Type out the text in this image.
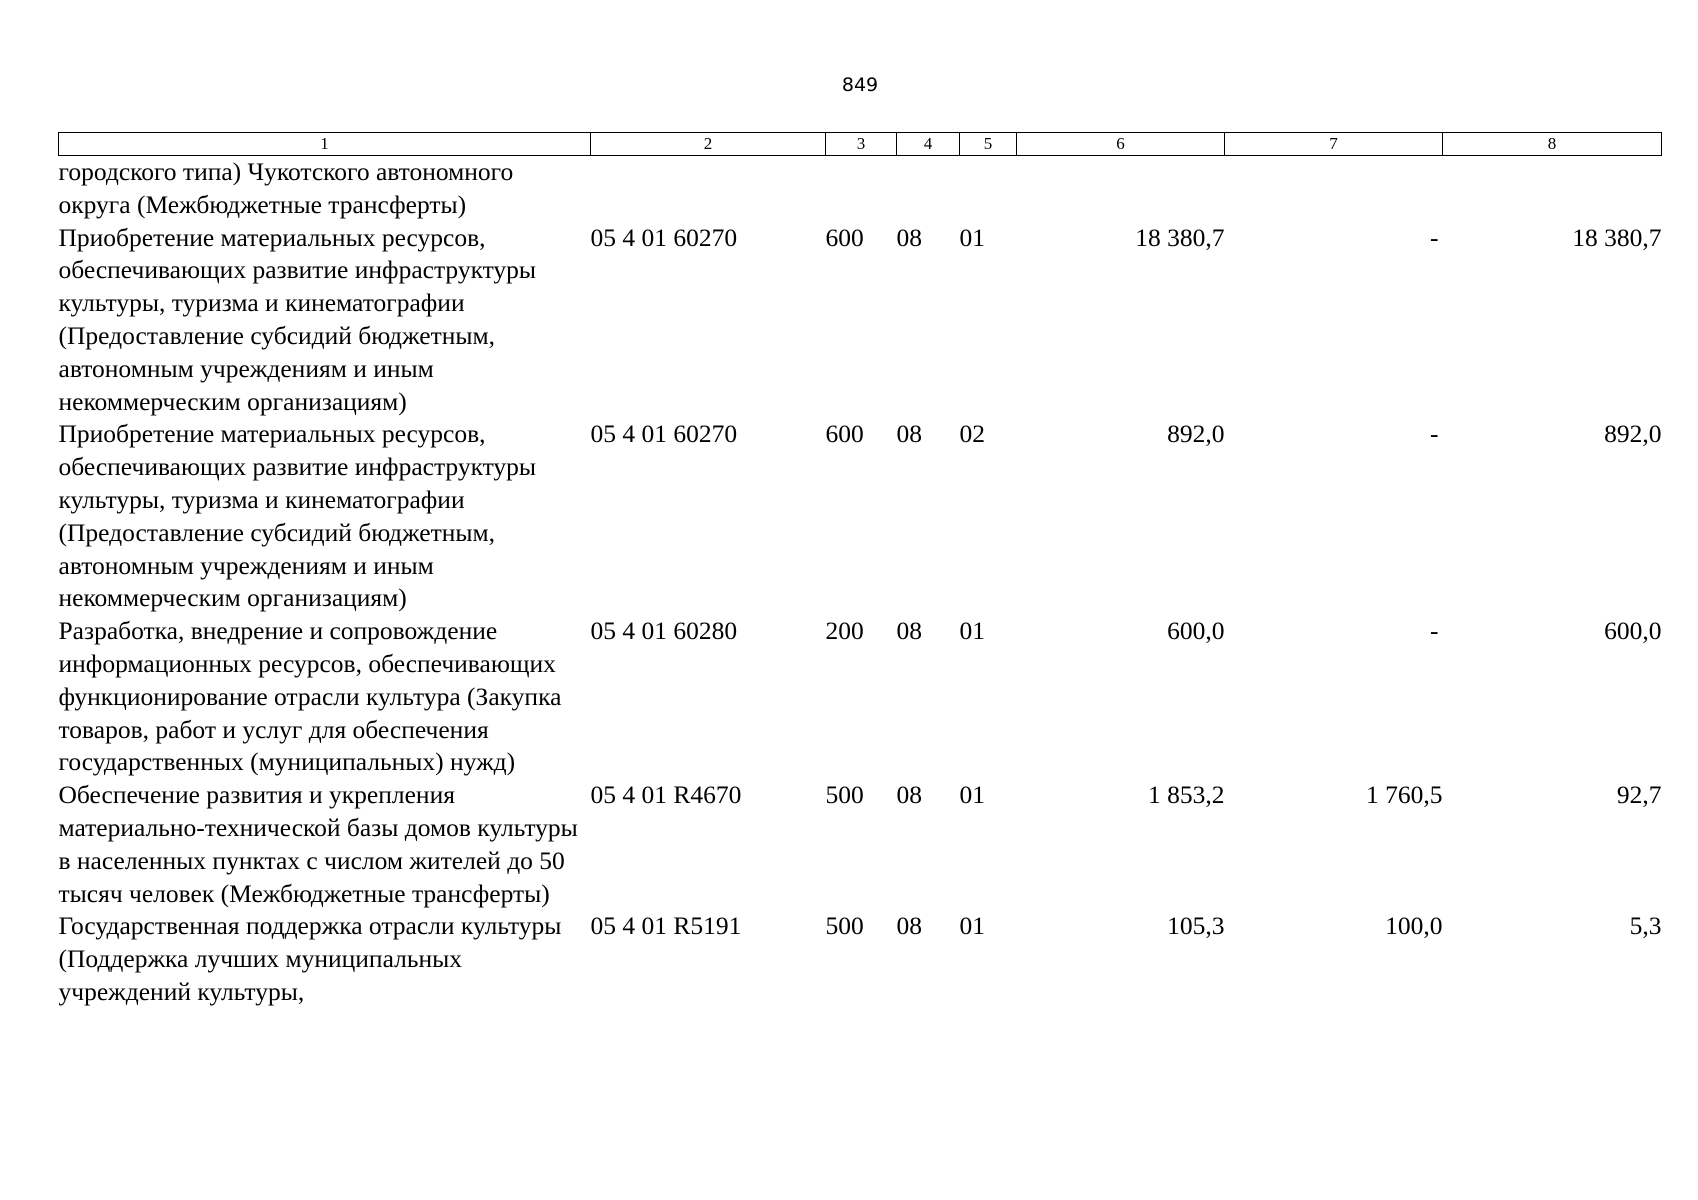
849
1	2	3	4	5	6	7	8
городского типа) Чукотского автономного округа (Межбюджетные трансферты)							
Приобретение материальных ресурсов, обеспечивающих развитие инфраструктуры культуры, туризма и кинематографии (Предоставление субсидий бюджетным, автономным учреждениям и иным некоммерческим организациям)	05 4 01 60270	600	08	01	18 380,7	-	18 380,7
Приобретение материальных ресурсов, обеспечивающих развитие инфраструктуры культуры, туризма и кинематографии (Предоставление субсидий бюджетным, автономным учреждениям и иным некоммерческим организациям)	05 4 01 60270	600	08	02	892,0	-	892,0
Разработка, внедрение и сопровождение информационных ресурсов, обеспечивающих функционирование отрасли культура (Закупка товаров, работ и услуг для обеспечения государственных (муниципальных) нужд)	05 4 01 60280	200	08	01	600,0	-	600,0
Обеспечение развития и укрепления материально-технической базы домов культуры в населенных пунктах с числом жителей до 50 тысяч человек (Межбюджетные трансферты)	05 4 01 R4670	500	08	01	1 853,2	1 760,5	92,7
Государственная поддержка отрасли культуры (Поддержка лучших муниципальных учреждений культуры,	05 4 01 R5191	500	08	01	105,3	100,0	5,3
